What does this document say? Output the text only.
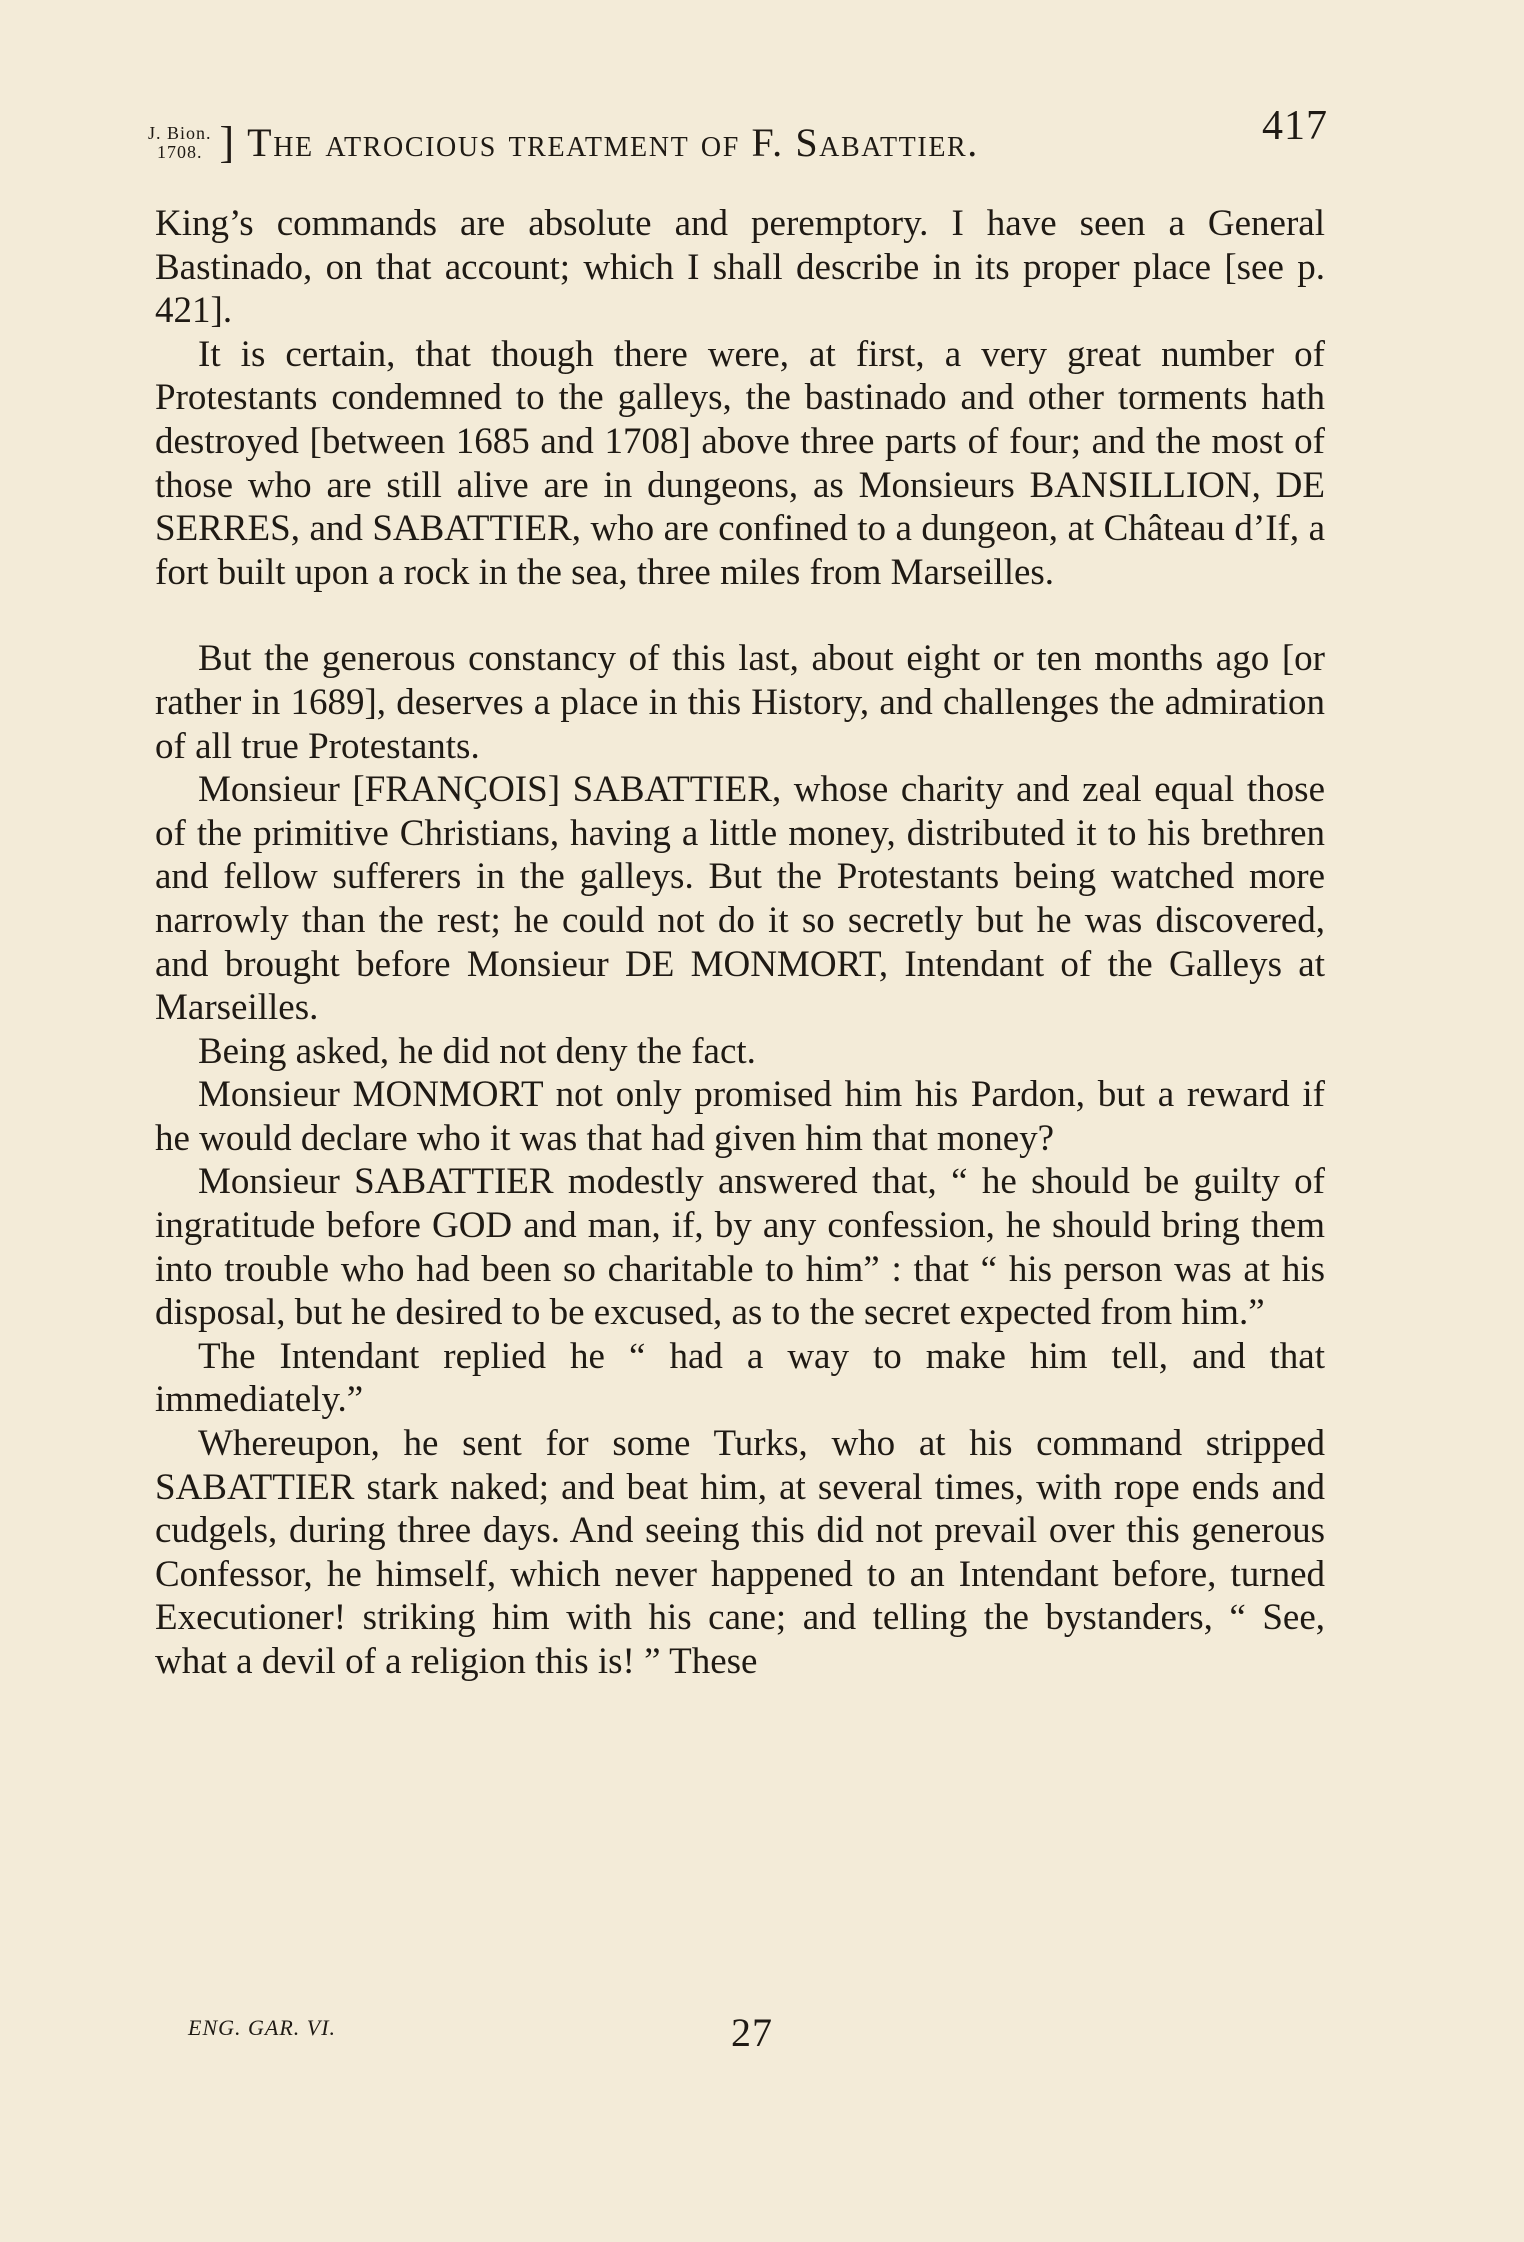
J. Bion.
1708. ] The atrocious treatment of F. Sabattier.	417

King’s commands are absolute and peremptory. I have seen a General Bastinado, on that account; which I shall describe in its proper place [see p. 421].

It is certain, that though there were, at first, a very great number of Protestants condemned to the galleys, the bastinado and other torments hath destroyed [between 1685 and 1708] above three parts of four; and the most of those who are still alive are in dungeons, as Monsieurs BANSILLION, DE SERRES, and SABATTIER, who are confined to a dungeon, at Château d’If, a fort built upon a rock in the sea, three miles from Marseilles.

But the generous constancy of this last, about eight or ten months ago [or rather in 1689], deserves a place in this History, and challenges the admiration of all true Protestants.

Monsieur [FRANÇOIS] SABATTIER, whose charity and zeal equal those of the primitive Christians, having a little money, distributed it to his brethren and fellow sufferers in the galleys. But the Protestants being watched more narrowly than the rest; he could not do it so secretly but he was discovered, and brought before Monsieur DE MONMORT, Intendant of the Galleys at Marseilles.

Being asked, he did not deny the fact.

Monsieur MONMORT not only promised him his Pardon, but a reward if he would declare who it was that had given him that money?

Monsieur SABATTIER modestly answered that, “ he should be guilty of ingratitude before GOD and man, if, by any confession, he should bring them into trouble who had been so charitable to him” : that “ his person was at his disposal, but he desired to be excused, as to the secret expected from him.”

The Intendant replied he “ had a way to make him tell, and that immediately.”

Whereupon, he sent for some Turks, who at his command stripped SABATTIER stark naked; and beat him, at several times, with rope ends and cudgels, during three days. And seeing this did not prevail over this generous Confessor, he himself, which never happened to an Intendant before, turned Executioner! striking him with his cane; and telling the bystanders, “ See, what a devil of a religion this is! ” These

ENG. GAR. VI.	27
